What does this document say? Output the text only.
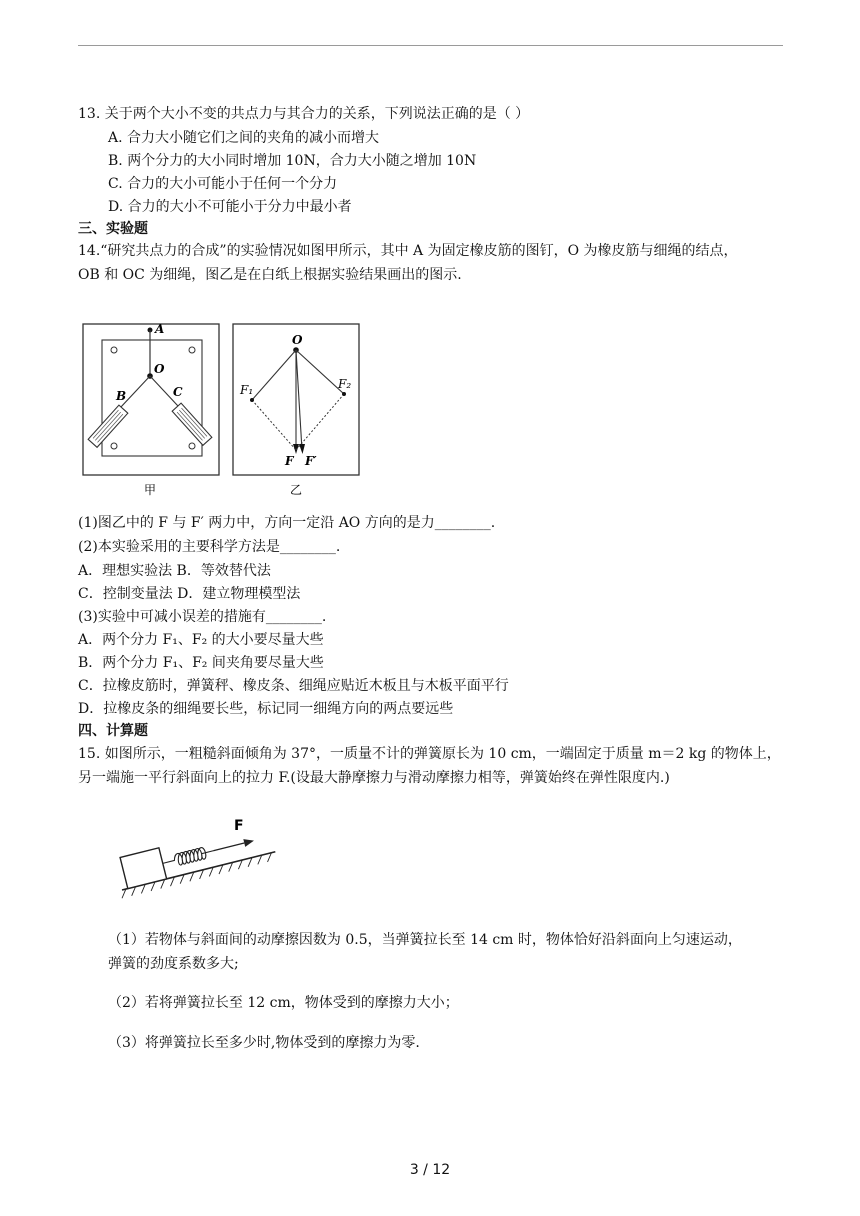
13. 关于两个大小不变的共点力与其合力的关系，下列说法正确的是（ ）
A. 合力大小随它们之间的夹角的减小而增大
B. 两个分力的大小同时增加 10N，合力大小随之增加 10N
C. 合力的大小可能小于任何一个分力
D. 合力的大小不可能小于分力中最小者
三、实验题
14.“研究共点力的合成”的实验情况如图甲所示，其中 A 为固定橡皮筋的图钉，O 为橡皮筋与细绳的结点，
OB 和 OC 为细绳，图乙是在白纸上根据实验结果画出的图示.
A
O
B	C
甲
O
F₁	F₂
F F′
乙
(1)图乙中的 F 与 F′ 两力中，方向一定沿 AO 方向的是力________.
(2)本实验采用的主要科学方法是________.
A．理想实验法 B．等效替代法
C．控制变量法 D．建立物理模型法
(3)实验中可减小误差的措施有________.
A．两个分力 F₁、F₂ 的大小要尽量大些
B．两个分力 F₁、F₂ 间夹角要尽量大些
C．拉橡皮筋时，弹簧秤、橡皮条、细绳应贴近木板且与木板平面平行
D．拉橡皮条的细绳要长些，标记同一细绳方向的两点要远些
四、计算题
15. 如图所示，一粗糙斜面倾角为 37°，一质量不计的弹簧原长为 10 cm，一端固定于质量 m＝2 kg 的物体上，
另一端施一平行斜面向上的拉力 F.(设最大静摩擦力与滑动摩擦力相等，弹簧始终在弹性限度内.)
F
（1）若物体与斜面间的动摩擦因数为 0.5，当弹簧拉长至 14 cm 时，物体恰好沿斜面向上匀速运动，
弹簧的劲度系数多大;
（2）若将弹簧拉长至 12 cm，物体受到的摩擦力大小；
（3）将弹簧拉长至多少时,物体受到的摩擦力为零.
3 / 12
